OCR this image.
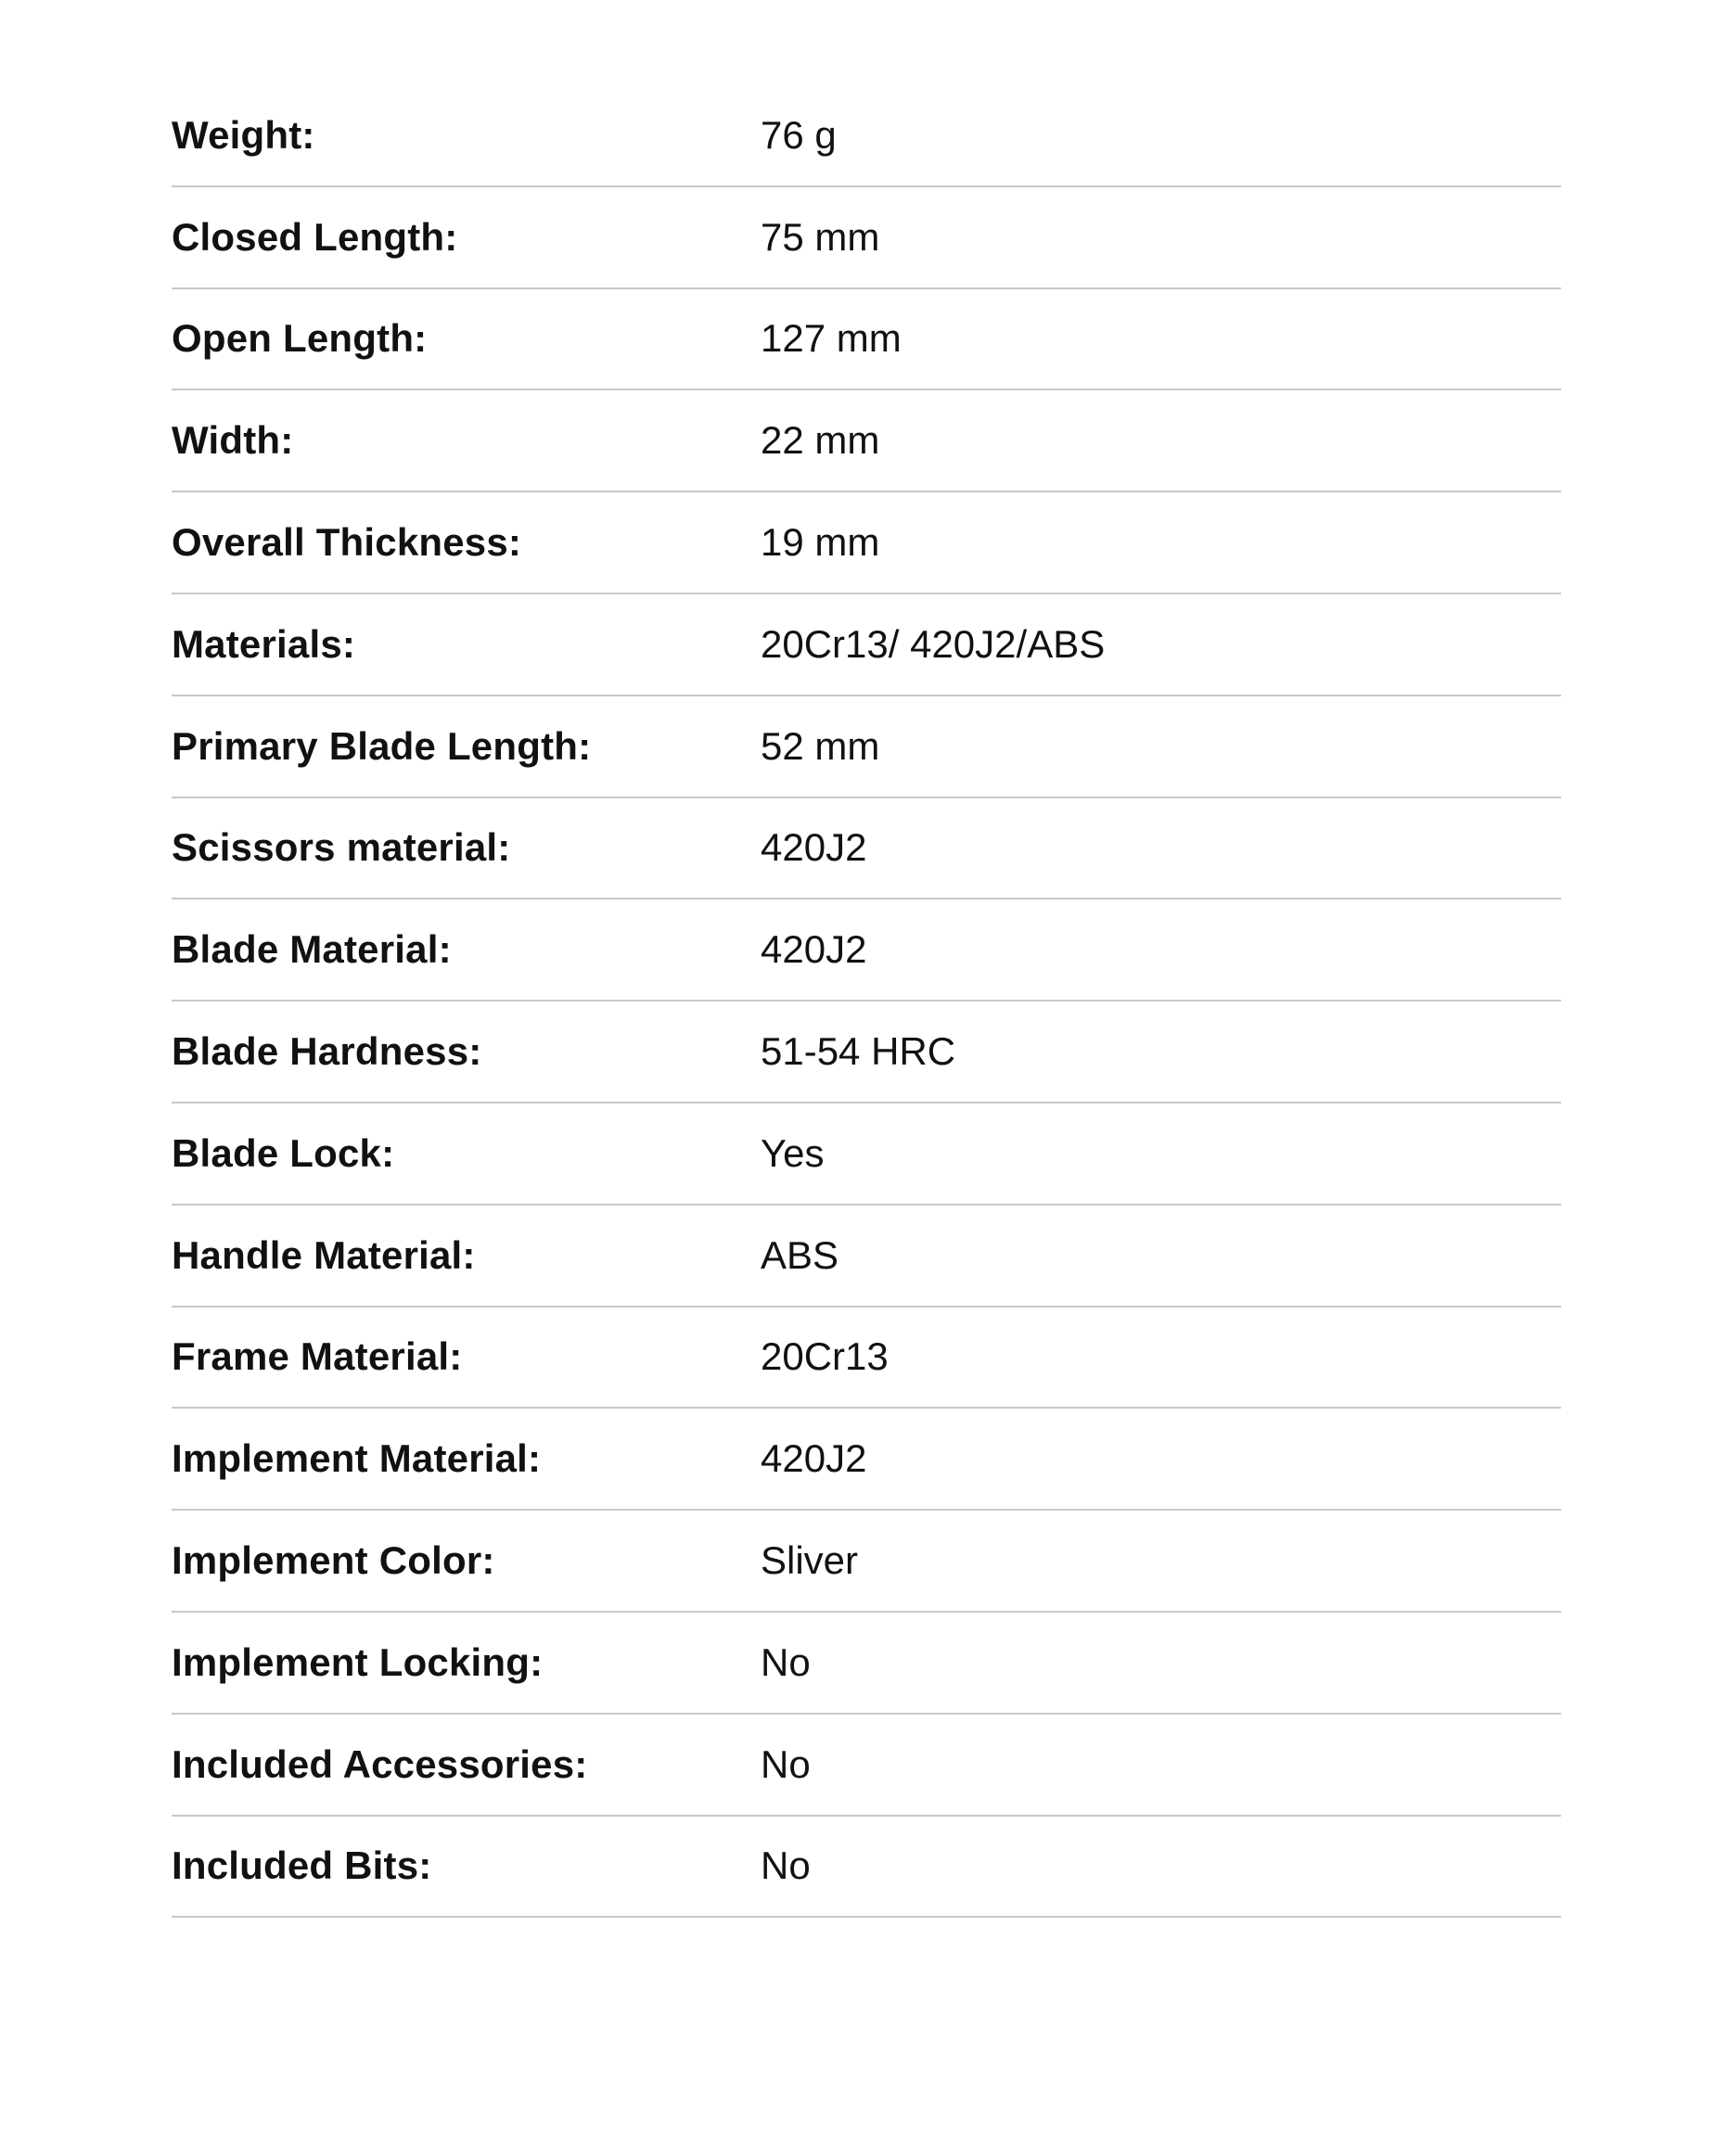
Weight:	76 g
Closed Length:	75 mm
Open Length:	127 mm
Width:	22 mm
Overall Thickness:	19 mm
Materials:	20Cr13/ 420J2/ABS
Primary Blade Length:	52 mm
Scissors material:	420J2
Blade Material:	420J2
Blade Hardness:	51-54 HRC
Blade Lock:	Yes
Handle Material:	ABS
Frame Material:	20Cr13
Implement Material:	420J2
Implement Color:	Sliver
Implement Locking:	No
Included Accessories:	No
Included Bits:	No
